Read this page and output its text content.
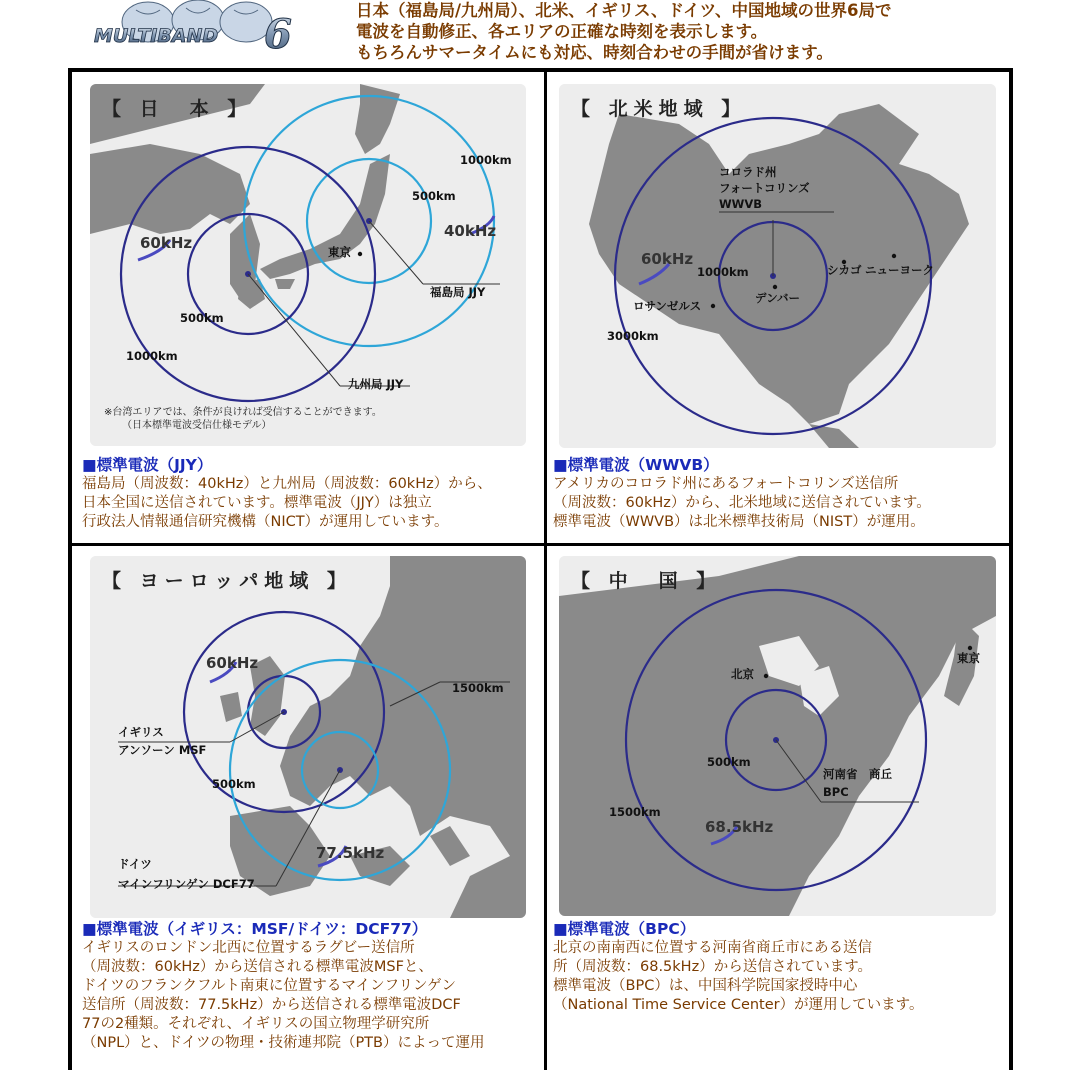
MULTIBAND 6
日本（福島局/九州局）、北米、イギリス、ドイツ、中国地域の世界6局で
電波を自動修正、各エリアの正確な時刻を表示します。
もちろんサマータイムにも対応、時刻合わせの手間が省けます。
【 日　本 】
1000km
500km
40kHz
60kHz	東京
福島局 JJY
500km
1000km
九州局 JJY
※台湾エリアでは、条件が良ければ受信することができます。
（日本標準電波受信仕様モデル）
■標準電波（JJY）
福島局（周波数：40kHz）と九州局（周波数：60kHz）から、
日本全国に送信されています。標準電波（JJY）は独立
行政法人情報通信研究機構（NICT）が運用しています。
【 北米地域 】
コロラド州
フォートコリンズ
WWVB
60kHz
1000km	シカゴ ニューヨーク
デンバー
ロサンゼルス
3000km
■標準電波（WWVB）
アメリカのコロラド州にあるフォートコリンズ送信所
（周波数：60kHz）から、北米地域に送信されています。
標準電波（WWVB）は北米標準技術局（NIST）が運用。
【 ヨーロッパ地域 】
60kHz
1500km
イギリス
アンソーン MSF
500km
77.5kHz
ドイツ
マインフリンゲン DCF77
■標準電波（イギリス：MSF/ドイツ：DCF77）
イギリスのロンドン北西に位置するラグビー送信所
（周波数：60kHz）から送信される標準電波MSFと、
ドイツのフランクフルト南東に位置するマインフリンゲン
送信所（周波数：77.5kHz）から送信される標準電波DCF
77の2種類。それぞれ、イギリスの国立物理学研究所
（NPL）と、ドイツの物理・技術連邦院（PTB）によって運用
【 中　国 】
東京
北京
500km
河南省　商丘
BPC
1500km
68.5kHz
■標準電波（BPC）
北京の南南西に位置する河南省商丘市にある送信
所（周波数：68.5kHz）から送信されています。
標準電波（BPC）は、中国科学院国家授時中心
（National Time Service Center）が運用しています。
